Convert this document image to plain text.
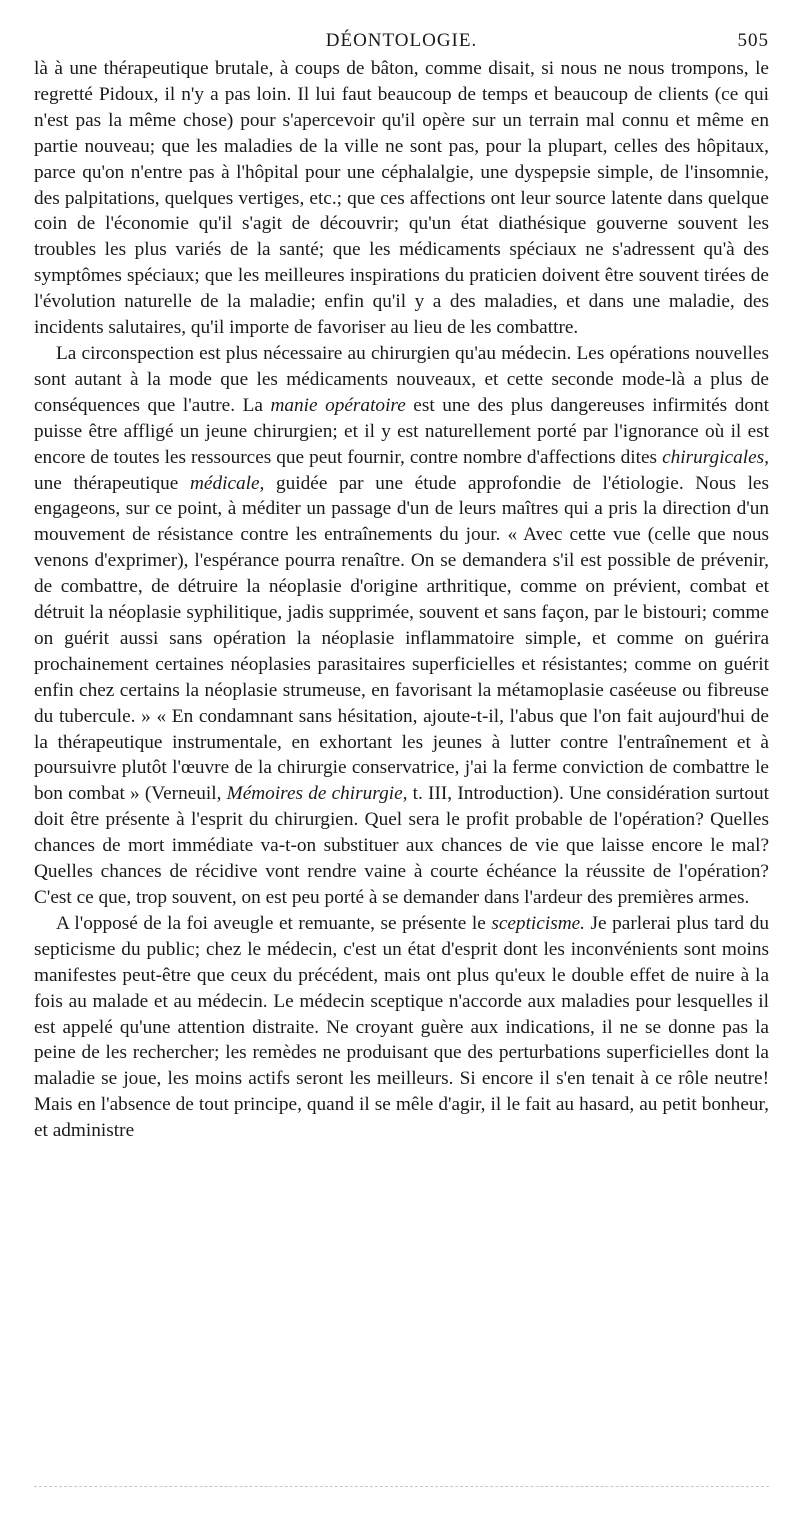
DÉONTOLOGIE.	505

là à une thérapeutique brutale, à coups de bâton, comme disait, si nous ne nous trompons, le regretté Pidoux, il n'y a pas loin. Il lui faut beaucoup de temps et beaucoup de clients (ce qui n'est pas la même chose) pour s'apercevoir qu'il opère sur un terrain mal connu et même en partie nouveau; que les maladies de la ville ne sont pas, pour la plupart, celles des hôpitaux, parce qu'on n'entre pas à l'hôpital pour une céphalalgie, une dyspepsie simple, de l'insomnie, des palpitations, quelques vertiges, etc.; que ces affections ont leur source latente dans quelque coin de l'économie qu'il s'agit de découvrir; qu'un état diathésique gouverne souvent les troubles les plus variés de la santé; que les médicaments spéciaux ne s'adressent qu'à des symptômes spéciaux; que les meilleures inspirations du praticien doivent être souvent tirées de l'évolution naturelle de la maladie; enfin qu'il y a des maladies, et dans une maladie, des incidents salutaires, qu'il importe de favoriser au lieu de les combattre.

La circonspection est plus nécessaire au chirurgien qu'au médecin. Les opérations nouvelles sont autant à la mode que les médicaments nouveaux, et cette seconde mode-là a plus de conséquences que l'autre. La manie opératoire est une des plus dangereuses infirmités dont puisse être affligé un jeune chirurgien; et il y est naturellement porté par l'ignorance où il est encore de toutes les ressources que peut fournir, contre nombre d'affections dites chirurgicales, une thérapeutique médicale, guidée par une étude approfondie de l'étiologie. Nous les engageons, sur ce point, à méditer un passage d'un de leurs maîtres qui a pris la direction d'un mouvement de résistance contre les entraînements du jour. « Avec cette vue (celle que nous venons d'exprimer), l'espérance pourra renaître. On se demandera s'il est possible de prévenir, de combattre, de détruire la néoplasie d'origine arthritique, comme on prévient, combat et détruit la néoplasie syphilitique, jadis supprimée, souvent et sans façon, par le bistouri; comme on guérit aussi sans opération la néoplasie inflammatoire simple, et comme on guérira prochainement certaines néoplasies parasitaires superficielles et résistantes; comme on guérit enfin chez certains la néoplasie strumeuse, en favorisant la métamoplasie caséeuse ou fibreuse du tubercule. » « En condamnant sans hésitation, ajoute-t-il, l'abus que l'on fait aujourd'hui de la thérapeutique instrumentale, en exhortant les jeunes à lutter contre l'entraînement et à poursuivre plutôt l'œuvre de la chirurgie conservatrice, j'ai la ferme conviction de combattre le bon combat » (Verneuil, Mémoires de chirurgie, t. III, Introduction). Une considération surtout doit être présente à l'esprit du chirurgien. Quel sera le profit probable de l'opération? Quelles chances de mort immédiate va-t-on substituer aux chances de vie que laisse encore le mal? Quelles chances de récidive vont rendre vaine à courte échéance la réussite de l'opération? C'est ce que, trop souvent, on est peu porté à se demander dans l'ardeur des premières armes.

A l'opposé de la foi aveugle et remuante, se présente le scepticisme. Je parlerai plus tard du septicisme du public; chez le médecin, c'est un état d'esprit dont les inconvénients sont moins manifestes peut-être que ceux du précédent, mais ont plus qu'eux le double effet de nuire à la fois au malade et au médecin. Le médecin sceptique n'accorde aux maladies pour lesquelles il est appelé qu'une attention distraite. Ne croyant guère aux indications, il ne se donne pas la peine de les rechercher; les remèdes ne produisant que des perturbations superficielles dont la maladie se joue, les moins actifs seront les meilleurs. Si encore il s'en tenait à ce rôle neutre! Mais en l'absence de tout principe, quand il se mêle d'agir, il le fait au hasard, au petit bonheur, et administre
